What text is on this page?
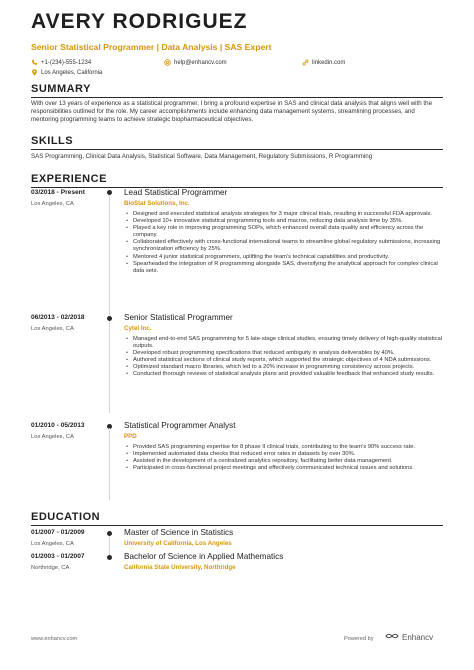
AVERY RODRIGUEZ
Senior Statistical Programmer | Data Analysis | SAS Expert
+1-(234)-555-1234	help@enhancv.com	linkedin.com
Los Angeles, California
SUMMARY
With over 13 years of experience as a statistical programmer, I bring a profound expertise in SAS and clinical data analysis that aligns well with the responsibilities outlined for the role. My career accomplishments include enhancing data management systems, streamlining processes, and mentoring programming teams to achieve strategic biopharmaceutical objectives.
SKILLS
SAS Programming, Clinical Data Analysis, Statistical Software, Data Management, Regulatory Submissions, R Programming
EXPERIENCE
03/2018 - Present
Los Angeles, CA
Lead Statistical Programmer
BioStat Solutions, Inc.
• Designed and executed statistical analysis strategies for 3 major clinical trials, resulting in successful FDA approvals.
• Developed 10+ innovative statistical programming tools and macros, reducing data analysis time by 35%.
• Played a key role in improving programming SOPs, which enhanced overall data quality and efficiency across the company.
• Collaborated effectively with cross-functional international teams to streamline global regulatory submissions, increasing synchronization efficiency by 25%.
• Mentored 4 junior statistical programmers, uplifting the team's technical capabilities and productivity.
• Spearheaded the integration of R programming alongside SAS, diversifying the analytical approach for complex clinical data sets.
06/2013 - 02/2018
Los Angeles, CA
Senior Statistical Programmer
Cytel Inc.
• Managed end-to-end SAS programming for 5 late-stage clinical studies, ensuring timely delivery of high-quality statistical outputs.
• Developed robust programming specifications that reduced ambiguity in analysis deliverables by 40%.
• Authored statistical sections of clinical study reports, which supported the strategic objectives of 4 NDA submissions.
• Optimized standard macro libraries, which led to a 20% increase in programming consistency across projects.
• Conducted thorough reviews of statistical analysis plans and provided valuable feedback that enhanced study results.
01/2010 - 05/2013
Los Angeles, CA
Statistical Programmer Analyst
PPD
• Provided SAS programming expertise for 8 phase II clinical trials, contributing to the team's 90% success rate.
• Implemented automated data checks that reduced error rates in datasets by over 30%.
• Assisted in the development of a centralized analytics repository, facilitating better data management.
• Participated in cross-functional project meetings and effectively communicated technical issues and solutions.
EDUCATION
01/2007 - 01/2009
Los Angeles, CA
Master of Science in Statistics
University of California, Los Angeles
01/2003 - 01/2007
Northridge, CA
Bachelor of Science in Applied Mathematics
California State University, Northridge
www.enhancv.com	Powered by	Enhancv
